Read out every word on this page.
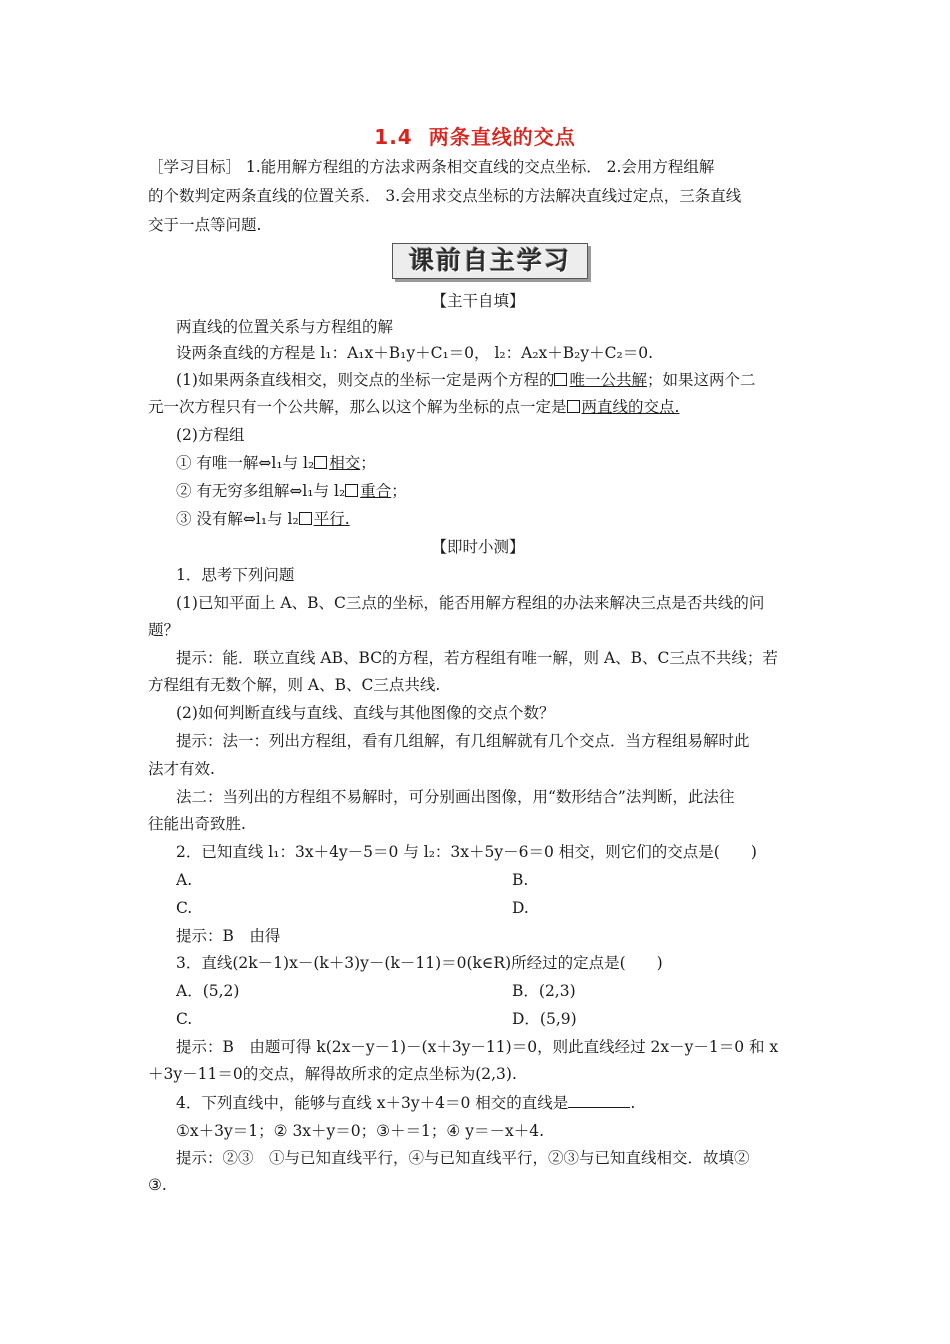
1.4 两条直线的交点
［学习目标］ 1.能用解方程组的方法求两条相交直线的交点坐标． 2.会用方程组解
的个数判定两条直线的位置关系． 3.会用求交点坐标的方法解决直线过定点，三条直线
交于一点等问题.
课前自主学习
【主干自填】
两直线的位置关系与方程组的解
设两条直线的方程是 l₁：A₁x＋B₁y＋C₁＝0， l₂：A₂x＋B₂y＋C₂＝0.
(1)如果两条直线相交，则交点的坐标一定是两个方程的 唯一公共解；如果这两个二
元一次方程只有一个公共解，那么以这个解为坐标的点一定是 两直线的交点.
(2)方程组
① 有唯一解⇔l₁与 l₂ 相交；
② 有无穷多组解⇔l₁与 l₂ 重合；
③ 没有解⇔l₁与 l₂ 平行.
【即时小测】
1．思考下列问题
(1)已知平面上 A、B、C三点的坐标，能否用解方程组的办法来解决三点是否共线的问
题？
提示：能．联立直线 AB、BC的方程，若方程组有唯一解，则 A、B、C三点不共线；若
方程组有无数个解，则 A、B、C三点共线.
(2)如何判断直线与直线、直线与其他图像的交点个数？
提示：法一：列出方程组，看有几组解，有几组解就有几个交点．当方程组易解时此
法才有效.
法二：当列出的方程组不易解时，可分别画出图像，用“数形结合”法判断，此法往
往能出奇致胜.
2．已知直线 l₁：3x＋4y－5＝0 与 l₂：3x＋5y－6＝0 相交，则它们的交点是(　　)
A.	B.
C.	D.
提示：B　由得
3．直线(2k－1)x－(k＋3)y－(k－11)＝0(k∈R)所经过的定点是(　　)
A．(5,2)	B．(2,3)
C.	D．(5,9)
提示：B　由题可得 k(2x－y－1)－(x＋3y－11)＝0，则此直线经过 2x－y－1＝0 和 x
＋3y－11＝0的交点，解得故所求的定点坐标为(2,3).
4．下列直线中，能够与直线 x＋3y＋4＝0 相交的直线是	.
①x＋3y＝1；② 3x＋y＝0；③＋＝1；④ y＝－x＋4.
提示：②③　①与已知直线平行，④与已知直线平行，②③与已知直线相交．故填②
③.
